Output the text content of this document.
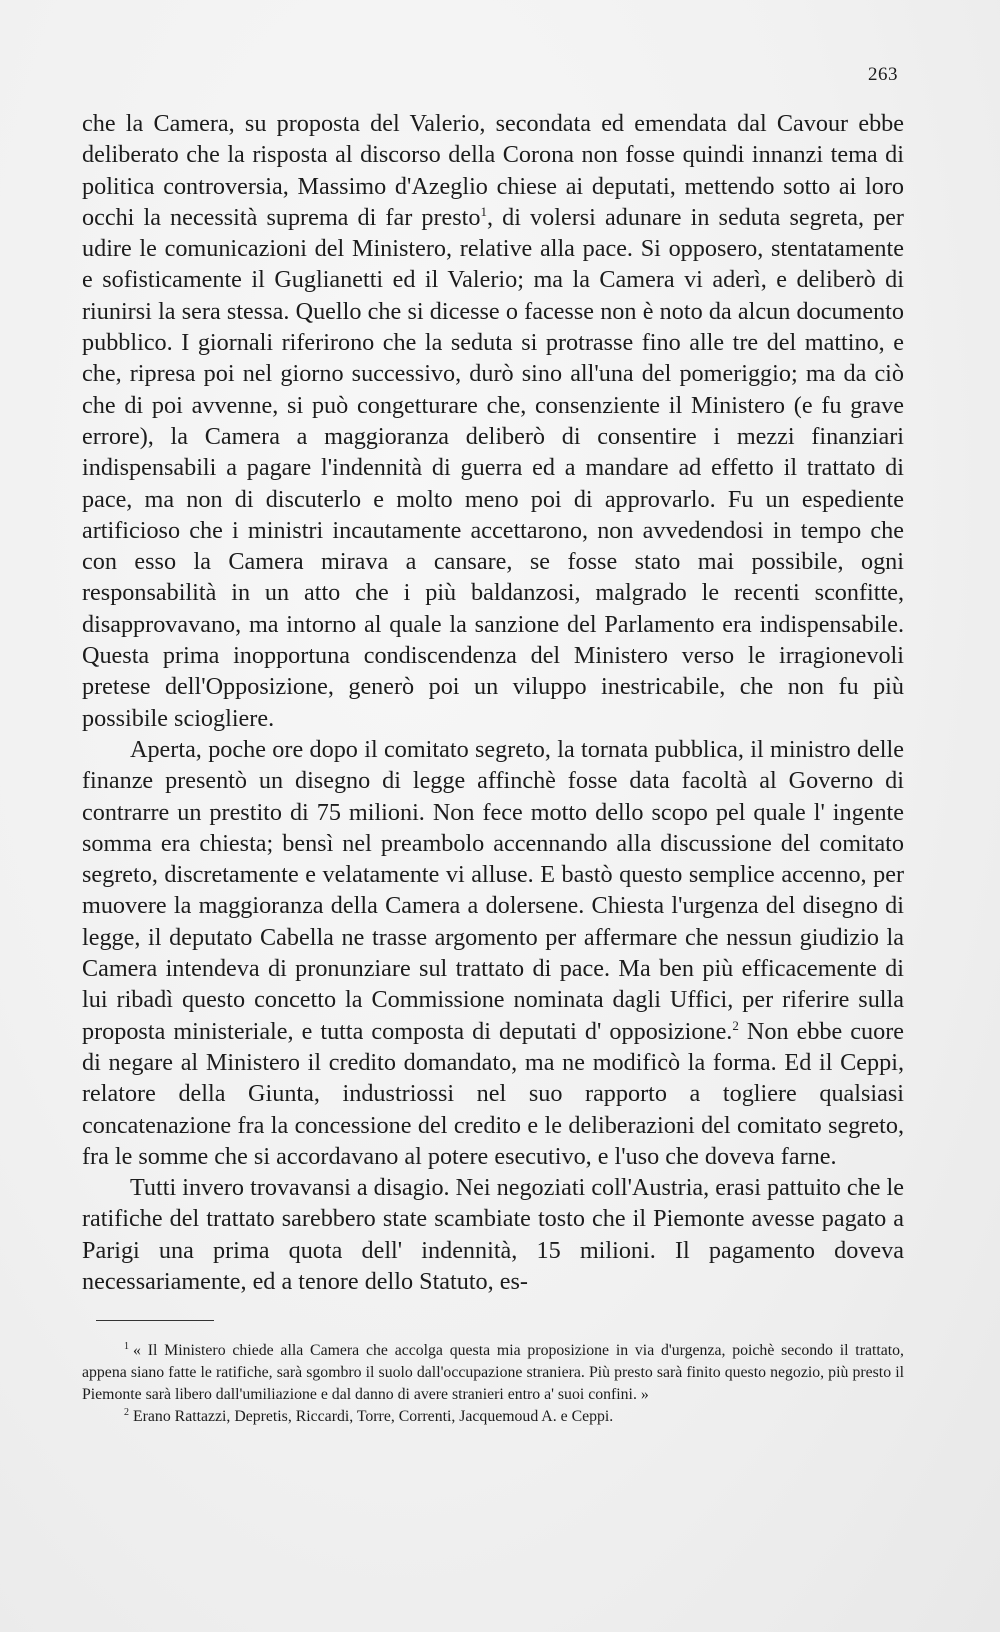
263

che la Camera, su proposta del Valerio, secondata ed emendata dal Cavour ebbe deliberato che la risposta al discorso della Corona non fosse quindi innanzi tema di politica controversia, Massimo d'Azeglio chiese ai deputati, mettendo sotto ai loro occhi la necessità suprema di far presto$^1$, di volersi adunare in seduta segreta, per udire le comunicazioni del Ministero, relative alla pace. Si opposero, stentatamente e sofisticamente il Guglianetti ed il Valerio; ma la Camera vi aderì, e deliberò di riunirsi la sera stessa. Quello che si dicesse o facesse non è noto da alcun documento pubblico. I giornali riferirono che la seduta si protrasse fino alle tre del mattino, e che, ripresa poi nel giorno successivo, durò sino all'una del pomeriggio; ma da ciò che di poi avvenne, si può congetturare che, consenziente il Ministero (e fu grave errore), la Camera a maggioranza deliberò di consentire i mezzi finanziari indispensabili a pagare l'indennità di guerra ed a mandare ad effetto il trattato di pace, ma non di discuterlo e molto meno poi di approvarlo. Fu un espediente artificioso che i ministri incautamente accettarono, non avvedendosi in tempo che con esso la Camera mirava a cansare, se fosse stato mai possibile, ogni responsabilità in un atto che i più baldanzosi, malgrado le recenti sconfitte, disapprovavano, ma intorno al quale la sanzione del Parlamento era indispensabile. Questa prima inopportuna condiscendenza del Ministero verso le irragionevoli pretese dell'Opposizione, generò poi un viluppo inestricabile, che non fu più possibile sciogliere.

Aperta, poche ore dopo il comitato segreto, la tornata pubblica, il ministro delle finanze presentò un disegno di legge affinchè fosse data facoltà al Governo di contrarre un prestito di 75 milioni. Non fece motto dello scopo pel quale l' ingente somma era chiesta; bensì nel preambolo accennando alla discussione del comitato segreto, discretamente e velatamente vi alluse. E bastò questo semplice accenno, per muovere la maggioranza della Camera a dolersene. Chiesta l'urgenza del disegno di legge, il deputato Cabella ne trasse argomento per affermare che nessun giudizio la Camera intendeva di pronunziare sul trattato di pace. Ma ben più efficacemente di lui ribadì questo concetto la Commissione nominata dagli Uffici, per riferire sulla proposta ministeriale, e tutta composta di deputati d' opposizione.$^2$ Non ebbe cuore di negare al Ministero il credito domandato, ma ne modificò la forma. Ed il Ceppi, relatore della Giunta, industriossi nel suo rapporto a togliere qualsiasi concatenazione fra la concessione del credito e le deliberazioni del comitato segreto, fra le somme che si accordavano al potere esecutivo, e l'uso che doveva farne.

Tutti invero trovavansi a disagio. Nei negoziati coll'Austria, erasi pattuito che le ratifiche del trattato sarebbero state scambiate tosto che il Piemonte avesse pagato a Parigi una prima quota dell' indennità, 15 milioni. Il pagamento doveva necessariamente, ed a tenore dello Statuto, es-

$^1$ « Il Ministero chiede alla Camera che accolga questa mia proposizione in via d'urgenza, poichè secondo il trattato, appena siano fatte le ratifiche, sarà sgombro il suolo dall'occupazione straniera. Più presto sarà finito questo negozio, più presto il Piemonte sarà libero dall'umiliazione e dal danno di avere stranieri entro a' suoi confini. »

$^2$ Erano Rattazzi, Depretis, Riccardi, Torre, Correnti, Jacquemoud A. e Ceppi.
